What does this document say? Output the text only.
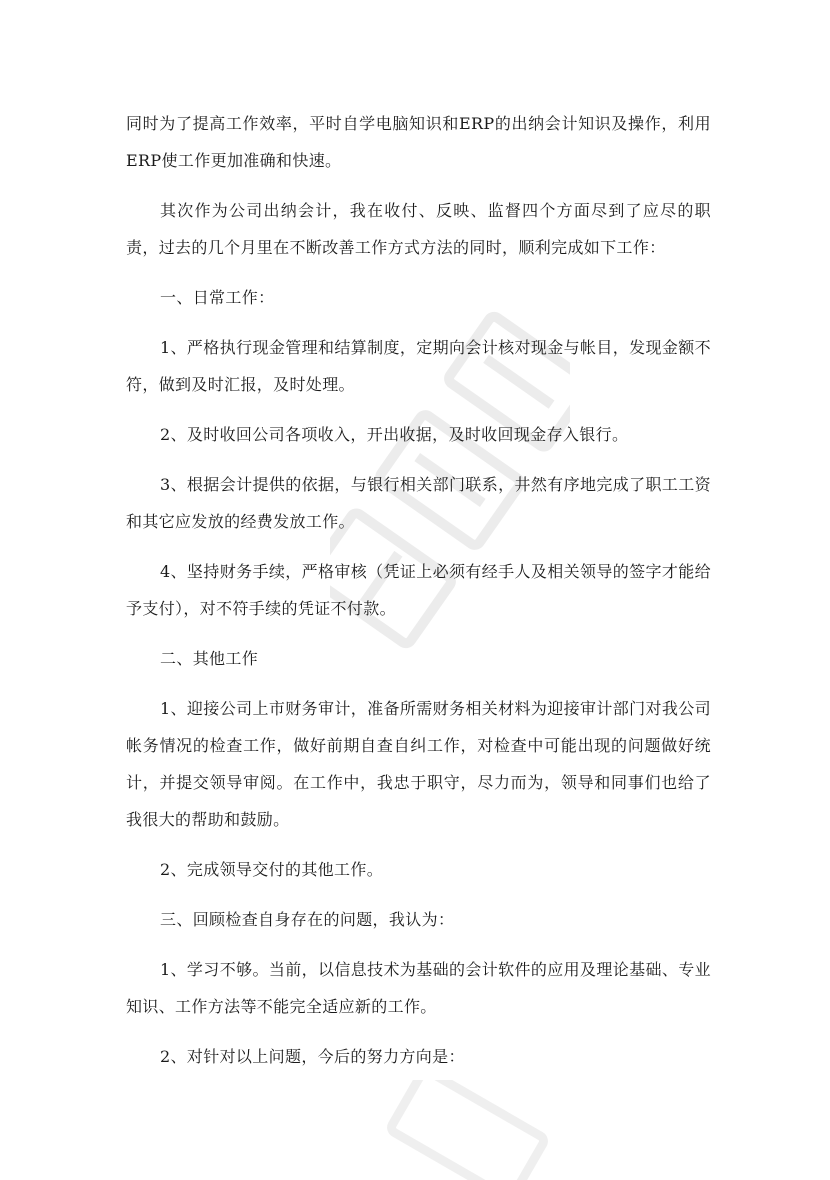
同时为了提高工作效率，平时自学电脑知识和ERP的出纳会计知识及操作，利用ERP使工作更加准确和快速。

其次作为公司出纳会计，我在收付、反映、监督四个方面尽到了应尽的职责，过去的几个月里在不断改善工作方式方法的同时，顺利完成如下工作：

一、日常工作：

1、严格执行现金管理和结算制度，定期向会计核对现金与帐目，发现金额不符，做到及时汇报，及时处理。

2、及时收回公司各项收入，开出收据，及时收回现金存入银行。

3、根据会计提供的依据，与银行相关部门联系，井然有序地完成了职工工资和其它应发放的经费发放工作。

4、坚持财务手续，严格审核（凭证上必须有经手人及相关领导的签字才能给予支付），对不符手续的凭证不付款。

二、其他工作

1、迎接公司上市财务审计，准备所需财务相关材料为迎接审计部门对我公司帐务情况的检查工作，做好前期自查自纠工作，对检查中可能出现的问题做好统计，并提交领导审阅。在工作中，我忠于职守，尽力而为，领导和同事们也给了我很大的帮助和鼓励。

2、完成领导交付的其他工作。

三、回顾检查自身存在的问题，我认为：

1、学习不够。当前，以信息技术为基础的会计软件的应用及理论基础、专业知识、工作方法等不能完全适应新的工作。

2、对针对以上问题，今后的努力方向是：
